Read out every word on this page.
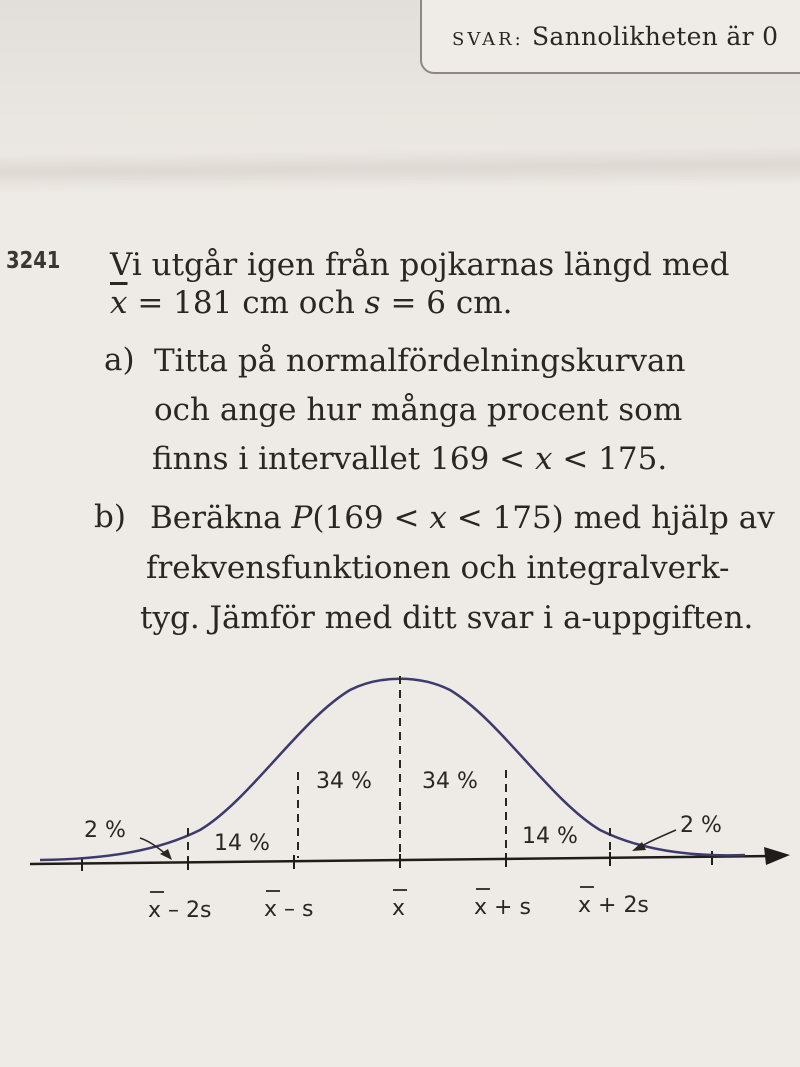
SVAR: Sannolikheten är 0
3241 Vi utgår igen från pojkarnas längd med
$\overline{x} = 181$ cm och s = 6 cm.
a) Titta på normalfördelningskurvan
och ange hur många procent som
finns i intervallet 169 < x < 175.
b) Beräkna P(169 < x < 175) med hjälp av
frekvensfunktionen och integralverk-
tyg. Jämför med ditt svar i a-uppgiften.
2 %
14 %
34 % 34 %
14 %	2 %
x – 2s x – s	x	x + s x + 2s
